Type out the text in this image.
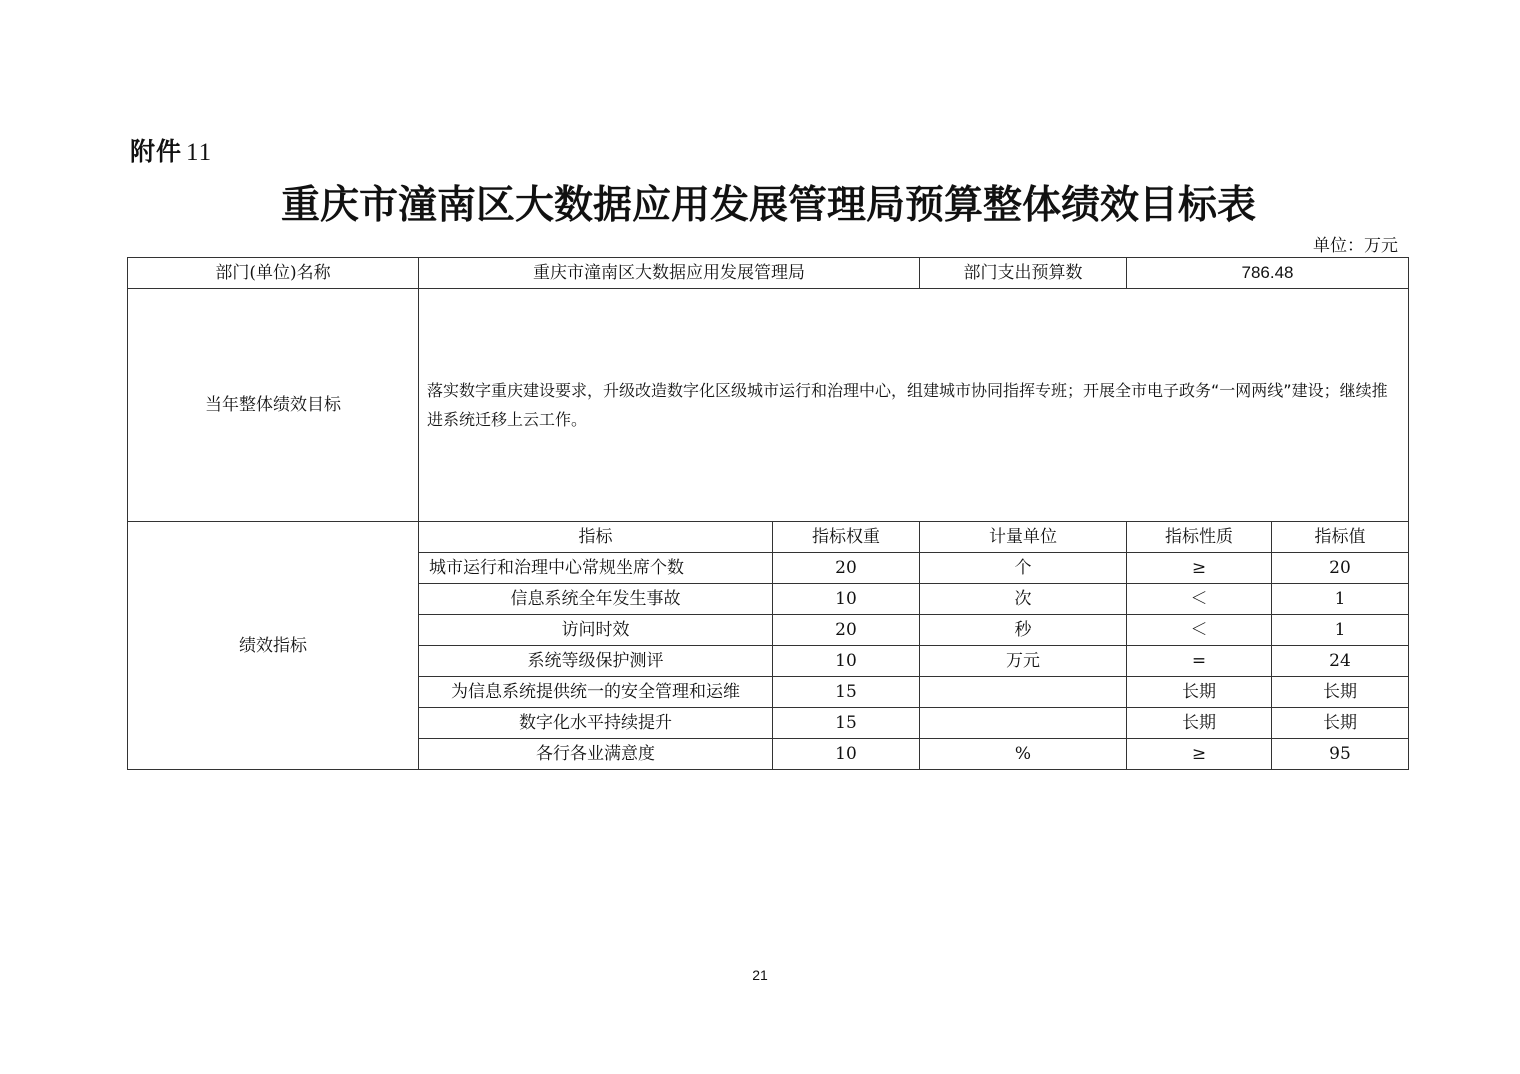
附件 11
重庆市潼南区大数据应用发展管理局预算整体绩效目标表
单位：万元
部门(单位)名称	重庆市潼南区大数据应用发展管理局		部门支出预算数	786.48	
当年整体绩效目标	落实数字重庆建设要求，升级改造数字化区级城市运行和治理中心，组建城市协同指挥专班；开展全市电子政务“一网两线”建设；继续推进系统迁移上云工作。				
绩效指标	指标	指标权重	计量单位	指标性质	指标值
	城市运行和治理中心常规坐席个数	20	个	≥	20
	信息系统全年发生事故	10	次	＜	1
	访问时效	20	秒	＜	1
	系统等级保护测评	10	万元	=	24
	为信息系统提供统一的安全管理和运维	15		长期	长期
	数字化水平持续提升	15		长期	长期
	各行各业满意度	10	%	≥	95
21
